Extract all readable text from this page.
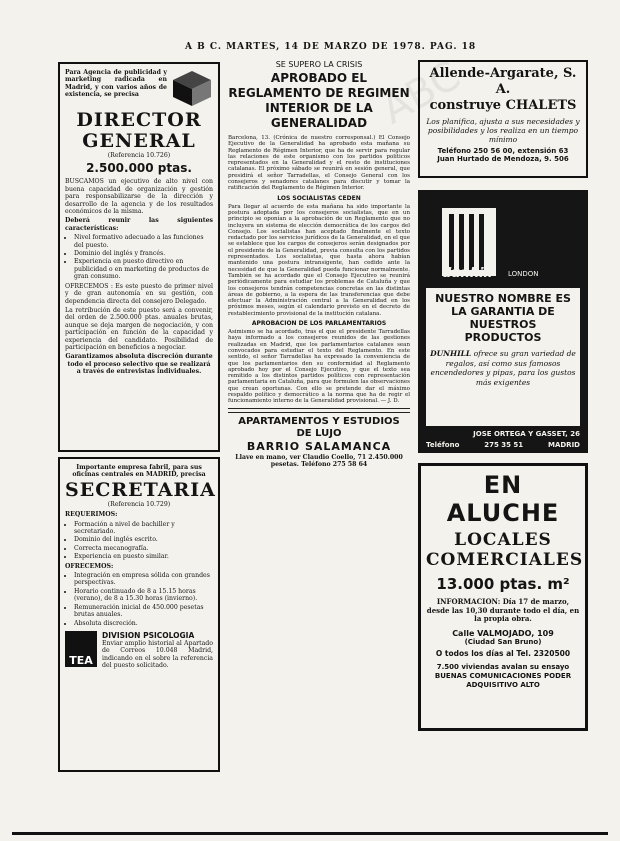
A B C. MARTES, 14 DE MARZO DE 1978. PAG. 18
Para Agencia de publicidad y marketing radicada en Madrid, y con varios años de existencia, se precisa
DIRECTOR GENERAL
(Referencia 10.726)
2.500.000 ptas.

BUSCAMOS un ejecutivo de alto nivel con buena capacidad de organización y gestión para responsabilizarse de la dirección y desarrollo de la agencia y de los resultados económicos de la misma.

Deberá reunir las siguientes características:

• Nivel formativo adecuado a las funciones del puesto.
• Dominio del inglés y francés.
• Experiencia en puesto directivo en publicidad o en marketing de productos de gran consumo.

OFRECEMOS : Es este puesto de primer nivel y de gran autonomía en su gestión, con dependencia directa del consejero Delegado.

La retribución de este puesto será a convenir, del orden de 2.500.000 ptas. anuales brutas, aunque se deja margen de negociación, y con participación en función de la capacidad y experiencia del candidato. Posibilidad de participación en beneficios a negociar.

Garantizamos absoluta discreción durante todo el proceso selectivo que se realizará a través de entrevistas individuales.

Importante empresa fabril, para sus oficinas centrales en MADRID, precisa
SECRETARIA
(Referencia 10.729)
REQUERIMOS:
• Formación a nivel de bachiller y secretariado.
• Dominio del inglés escrito.
• Correcta mecanografía.
• Experiencia en puesto similar.
OFRECEMOS:
• Integración en empresa sólida con grandes perspectivas.
• Horario continuado de 8 a 15.15 horas (verano), de 8 a 15.30 horas (invierno).
• Remuneración inicial de 450.000 pesetas brutas anuales.
• Absoluta discreción.
TEA
DIVISION PSICOLOGIA
Enviar amplio historial al Apartado de Correos 10.048 Madrid, indicando en el sobre la referencia del puesto solicitado.
SE SUPERO LA CRISIS
APROBADO EL REGLAMENTO DE REGIMEN INTERIOR DE LA GENERALIDAD

Barcelona, 13. (Crónica de nuestro corresponsal.) El Consejo Ejecutivo de la Generalidad ha aprobado esta mañana su Reglamento de Régimen Interior, que ha de servir para regular las relaciones de este organismo con los partidos políticos representados en la Generalidad y el resto de instituciones catalanas. El próximo sábado se reunirá en sesión general, que presidirá el señor Tarradellas, el Consejo General con los consejeros y senadores catalanes para discutir y tomar la ratificación del Reglamento de Régimen Interior.

LOS SOCIALISTAS CEDEN

Para llegar al acuerdo de esta mañana ha sido importante la postura adoptada por los consejeros socialistas, que en un principio se oponían a la aprobación de un Reglamento que no incluyera un sistema de elección democrática de los cargos del Consejo. Los socialistas han aceptado finalmente el texto redactado por los servicios jurídicos de la Generalidad, en el que se establece que los cargos de consejeros serán designados por el presidente de la Generalidad, previa consulta con los partidos representados. Los socialistas, que hasta ahora habían mantenido una postura intransigente, han cedido ante la necesidad de que la Generalidad pueda funcionar normalmente. También se ha acordado que el Consejo Ejecutivo se reunirá periódicamente para estudiar los problemas de Cataluña y que los consejeros tendrán competencias concretas en las distintas áreas de gobierno, a la espera de las transferencias que debe efectuar la Administración central a la Generalidad en los próximos meses, según el calendario previsto en el decreto de restablecimiento provisional de la institución catalana.

APROBACION DE LOS PARLAMENTARIOS

Asimismo se ha acordado, tras el que el presidente Tarradellas haya informado a los consejeros reunidos de las gestiones realizadas en Madrid, que los parlamentarios catalanes sean convocados para estudiar el texto del Reglamento. En este sentido, el señor Tarradellas ha expresado la conveniencia de que los parlamentarios den su conformidad al Reglamento aprobado hoy por el Consejo Ejecutivo, y que el texto sea remitido a los distintos partidos políticos con representación parlamentaria en Cataluña, para que formulen las observaciones que crean oportunas. Con ello se pretende dar el máximo respaldo político y democrático a la norma que ha de regir el funcionamiento interno de la Generalidad provisional. — J. D.

APARTAMENTOS Y ESTUDIOS
DE LUJO
BARRIO SALAMANCA
Llave en mano, ver Claudio Coello, 71 2.450.000 pesetas. Teléfono 275 58 64
Allende-Argarate, S. A.
construye CHALETS
Los planifica, ajusta a sus necesidades y posibilidades y los realiza en un tiempo mínimo
Teléfono 250 56 00, extensión 63
Juan Hurtado de Mendoza, 9. 506
dunhill LONDON
NUESTRO NOMBRE ES LA GARANTIA DE NUESTROS PRODUCTOS
DUNHILL ofrece su gran variedad de regalos, así como sus famosos encendedores y pipas, para los gustos más exigentes
JOSE ORTEGA Y GASSET, 26
Teléfono	275 35 51	MADRID
EN ALUCHE
LOCALES
COMERCIALES
13.000 ptas. m²
INFORMACION: Día 17 de marzo, desde las 10,30 durante todo el día, en la propia obra.
Calle VALMOJADO, 109
(Ciudad San Bruno)
O todos los días al Tel. 2320500
7.500 viviendas avalan su ensayo BUENAS COMUNICACIONES PODER ADQUISITIVO ALTO
ABC
